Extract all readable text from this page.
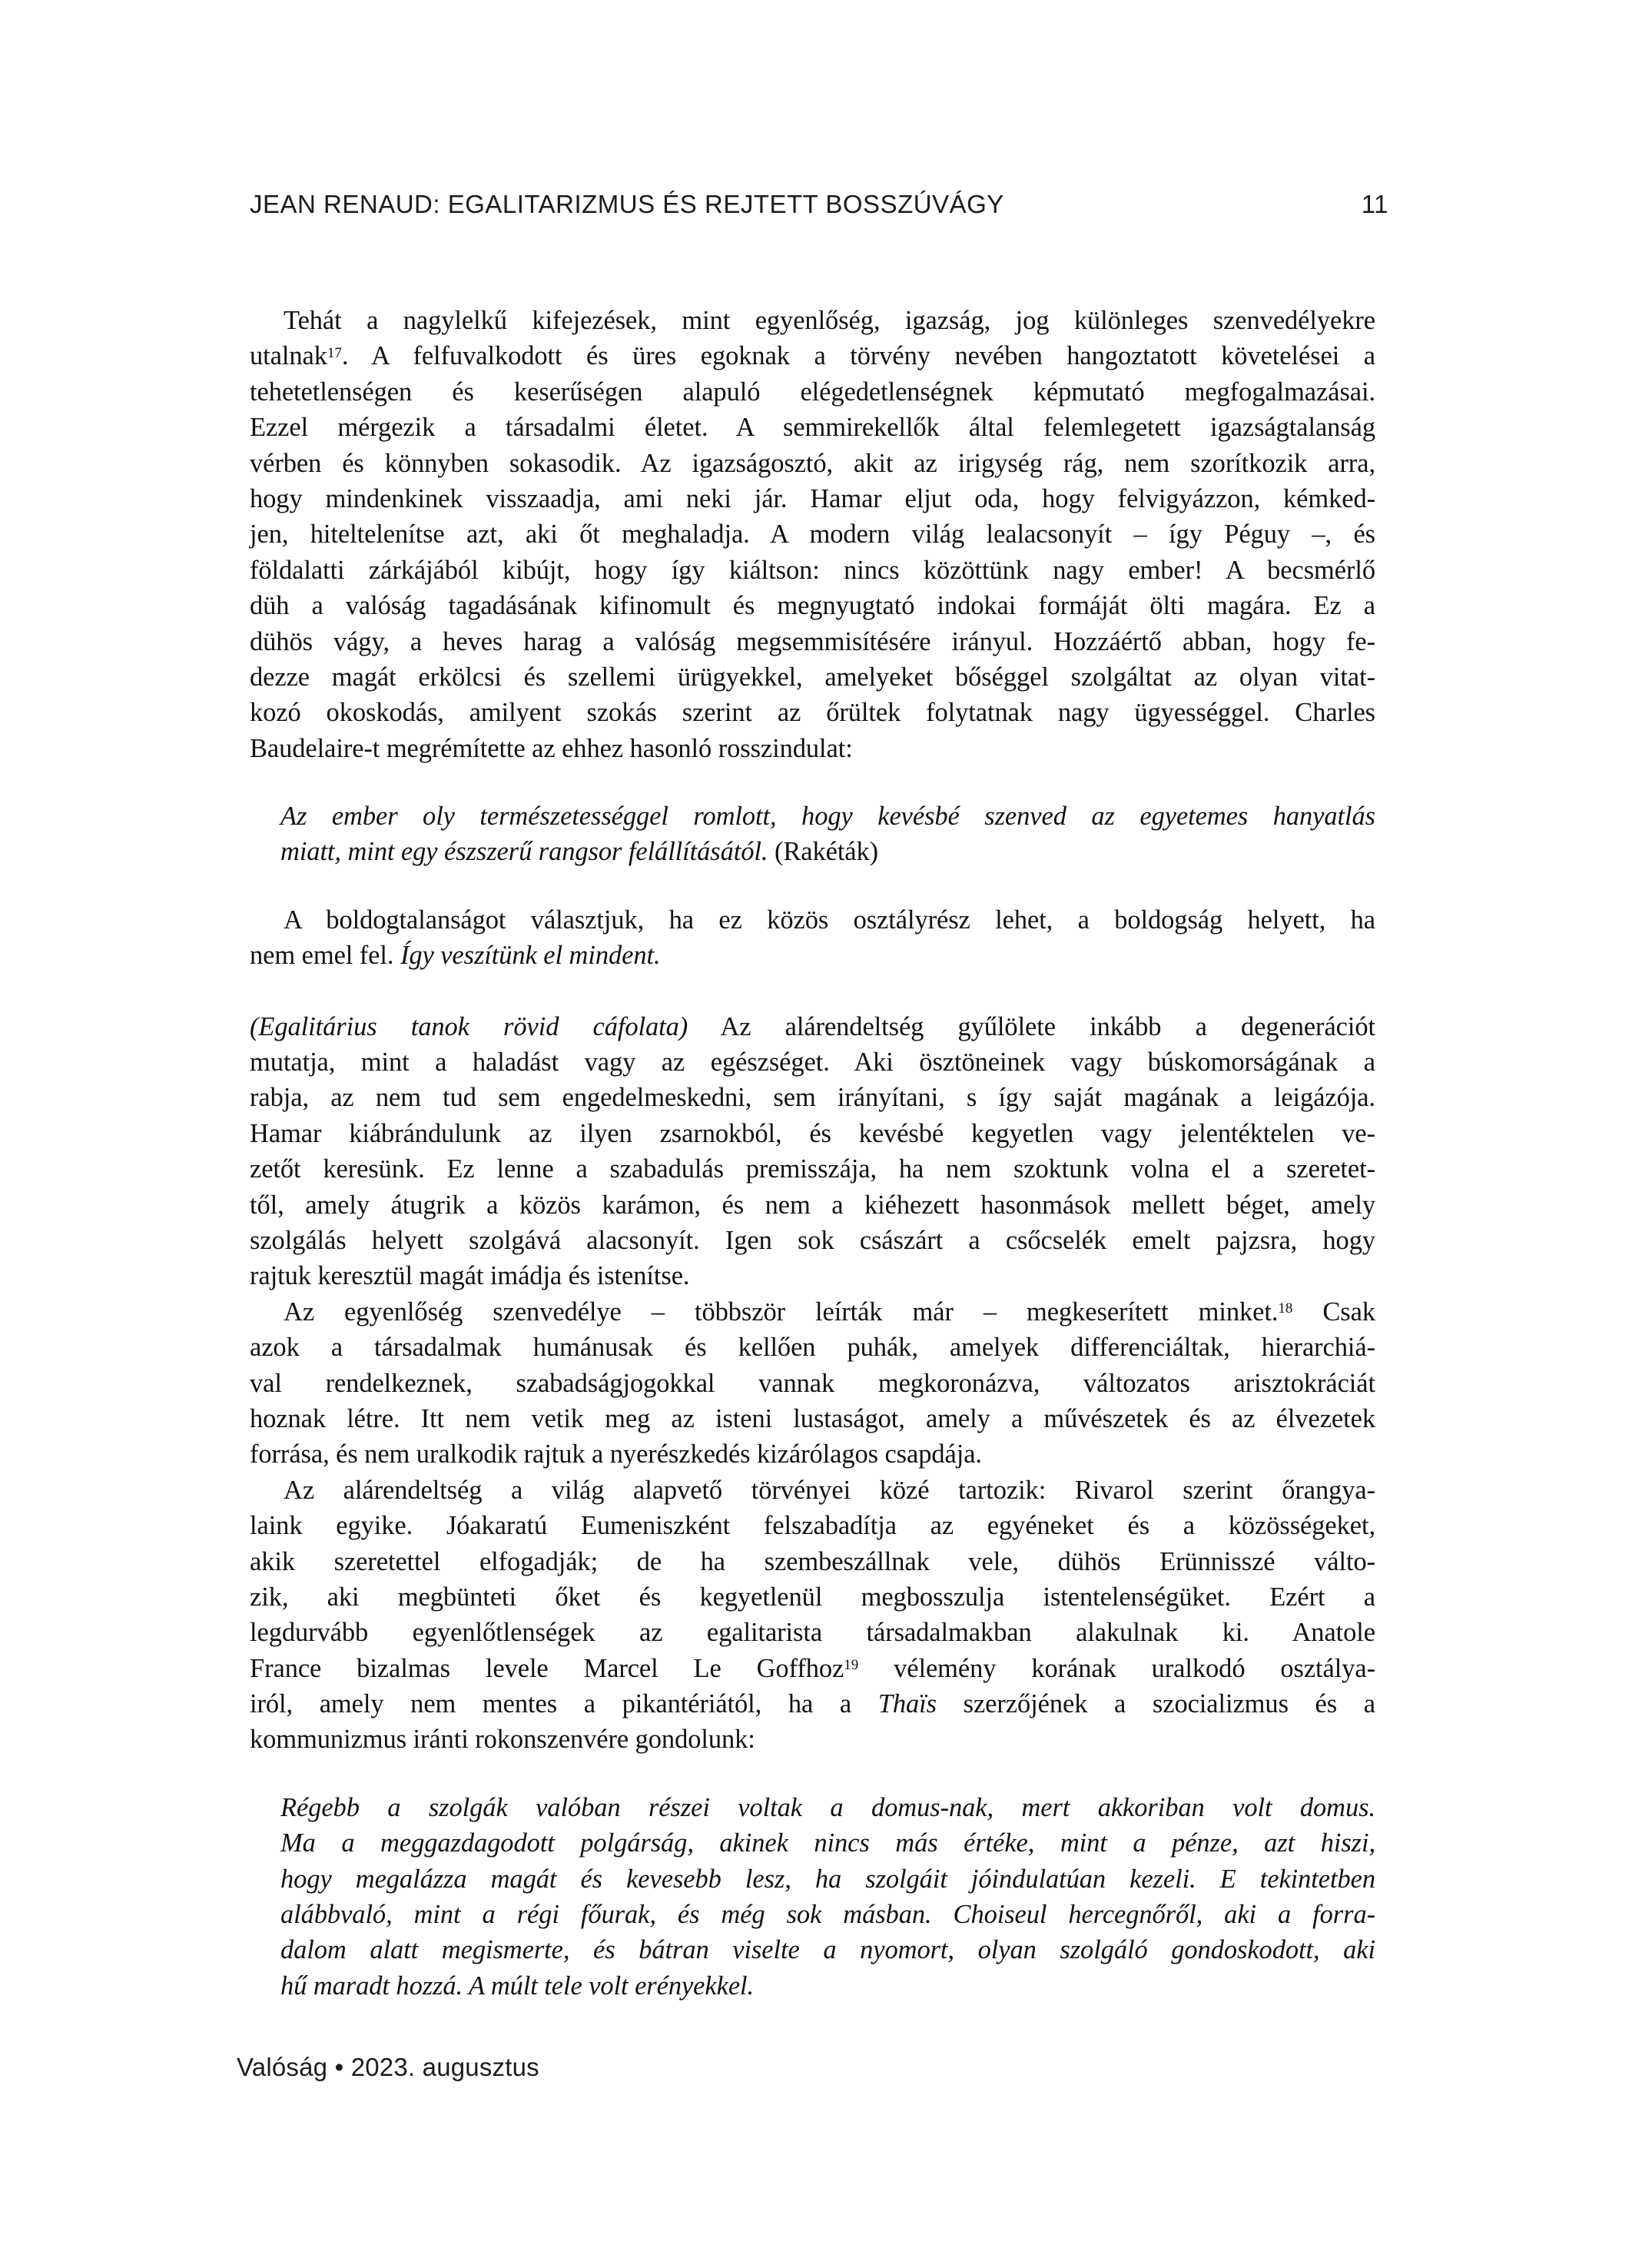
JEAN RENAUD: EGALITARIZMUS ÉS REJTETT BOSSZÚVÁGY	11
Tehát a nagylelkű kifejezések, mint egyenlőség, igazság, jog különleges szenvedélyekre
utalnak$^{17}$. A felfuvalkodott és üres egoknak a törvény nevében hangoztatott követelései a
tehetetlenségen és keserűségen alapuló elégedetlenségnek képmutató megfogalmazásai.
Ezzel mérgezik a társadalmi életet. A semmirekellők által felemlegetett igazságtalanság
vérben és könnyben sokasodik. Az igazságosztó, akit az irigység rág, nem szorítkozik arra,
hogy mindenkinek visszaadja, ami neki jár. Hamar eljut oda, hogy felvigyázzon, kémked-
jen, hiteltelenítse azt, aki őt meghaladja. A modern világ lealacsonyít – így Péguy –, és
földalatti zárkájából kibújt, hogy így kiáltson: nincs közöttünk nagy ember! A becsmérlő
düh a valóság tagadásának kifinomult és megnyugtató indokai formáját ölti magára. Ez a
dühös vágy, a heves harag a valóság megsemmisítésére irányul. Hozzáértő abban, hogy fe-
dezze magát erkölcsi és szellemi ürügyekkel, amelyeket bőséggel szolgáltat az olyan vitat-
kozó okoskodás, amilyent szokás szerint az őrültek folytatnak nagy ügyességgel. Charles
Baudelaire-t megrémítette az ehhez hasonló rosszindulat:
Az ember oly természetességgel romlott, hogy kevésbé szenved az egyetemes hanyatlás
miatt, mint egy észszerű rangsor felállításától. (Rakéták)
A boldogtalanságot választjuk, ha ez közös osztályrész lehet, a boldogság helyett, ha
nem emel fel. Így veszítünk el mindent.
(Egalitárius tanok rövid cáfolata) Az alárendeltség gyűlölete inkább a degenerációt
mutatja, mint a haladást vagy az egészséget. Aki ösztöneinek vagy búskomorságának a
rabja, az nem tud sem engedelmeskedni, sem irányítani, s így saját magának a leigázója.
Hamar kiábrándulunk az ilyen zsarnokból, és kevésbé kegyetlen vagy jelentéktelen ve-
zetőt keresünk. Ez lenne a szabadulás premisszája, ha nem szoktunk volna el a szeretet-
től, amely átugrik a közös karámon, és nem a kiéhezett hasonmások mellett béget, amely
szolgálás helyett szolgává alacsonyít. Igen sok császárt a csőcselék emelt pajzsra, hogy
rajtuk keresztül magát imádja és istenítse.
Az egyenlőség szenvedélye – többször leírták már – megkeserített minket.$^{18}$ Csak
azok a társadalmak humánusak és kellően puhák, amelyek differenciáltak, hierarchiá-
val rendelkeznek, szabadságjogokkal vannak megkoronázva, változatos arisztokráciát
hoznak létre. Itt nem vetik meg az isteni lustaságot, amely a művészetek és az élvezetek
forrása, és nem uralkodik rajtuk a nyerészkedés kizárólagos csapdája.
Az alárendeltség a világ alapvető törvényei közé tartozik: Rivarol szerint őrangya-
laink egyike. Jóakaratú Eumeniszként felszabadítja az egyéneket és a közösségeket,
akik szeretettel elfogadják; de ha szembeszállnak vele, dühös Erünnisszé válto-
zik, aki megbünteti őket és kegyetlenül megbosszulja istentelenségüket. Ezért a
legdurvább egyenlőtlenségek az egalitarista társadalmakban alakulnak ki. Anatole
France bizalmas levele Marcel Le Goffhoz$^{19}$ vélemény korának uralkodó osztálya-
iról, amely nem mentes a pikantériától, ha a Thaïs szerzőjének a szocializmus és a
kommunizmus iránti rokonszenvére gondolunk:
Régebb a szolgák valóban részei voltak a domus-nak, mert akkoriban volt domus.
Ma a meggazdagodott polgárság, akinek nincs más értéke, mint a pénze, azt hiszi,
hogy megalázza magát és kevesebb lesz, ha szolgáit jóindulatúan kezeli. E tekintetben
alábbvaló, mint a régi főurak, és még sok másban. Choiseul hercegnőről, aki a forra-
dalom alatt megismerte, és bátran viselte a nyomort, olyan szolgáló gondoskodott, aki
hű maradt hozzá. A múlt tele volt erényekkel.
Valóság • 2023. augusztus
